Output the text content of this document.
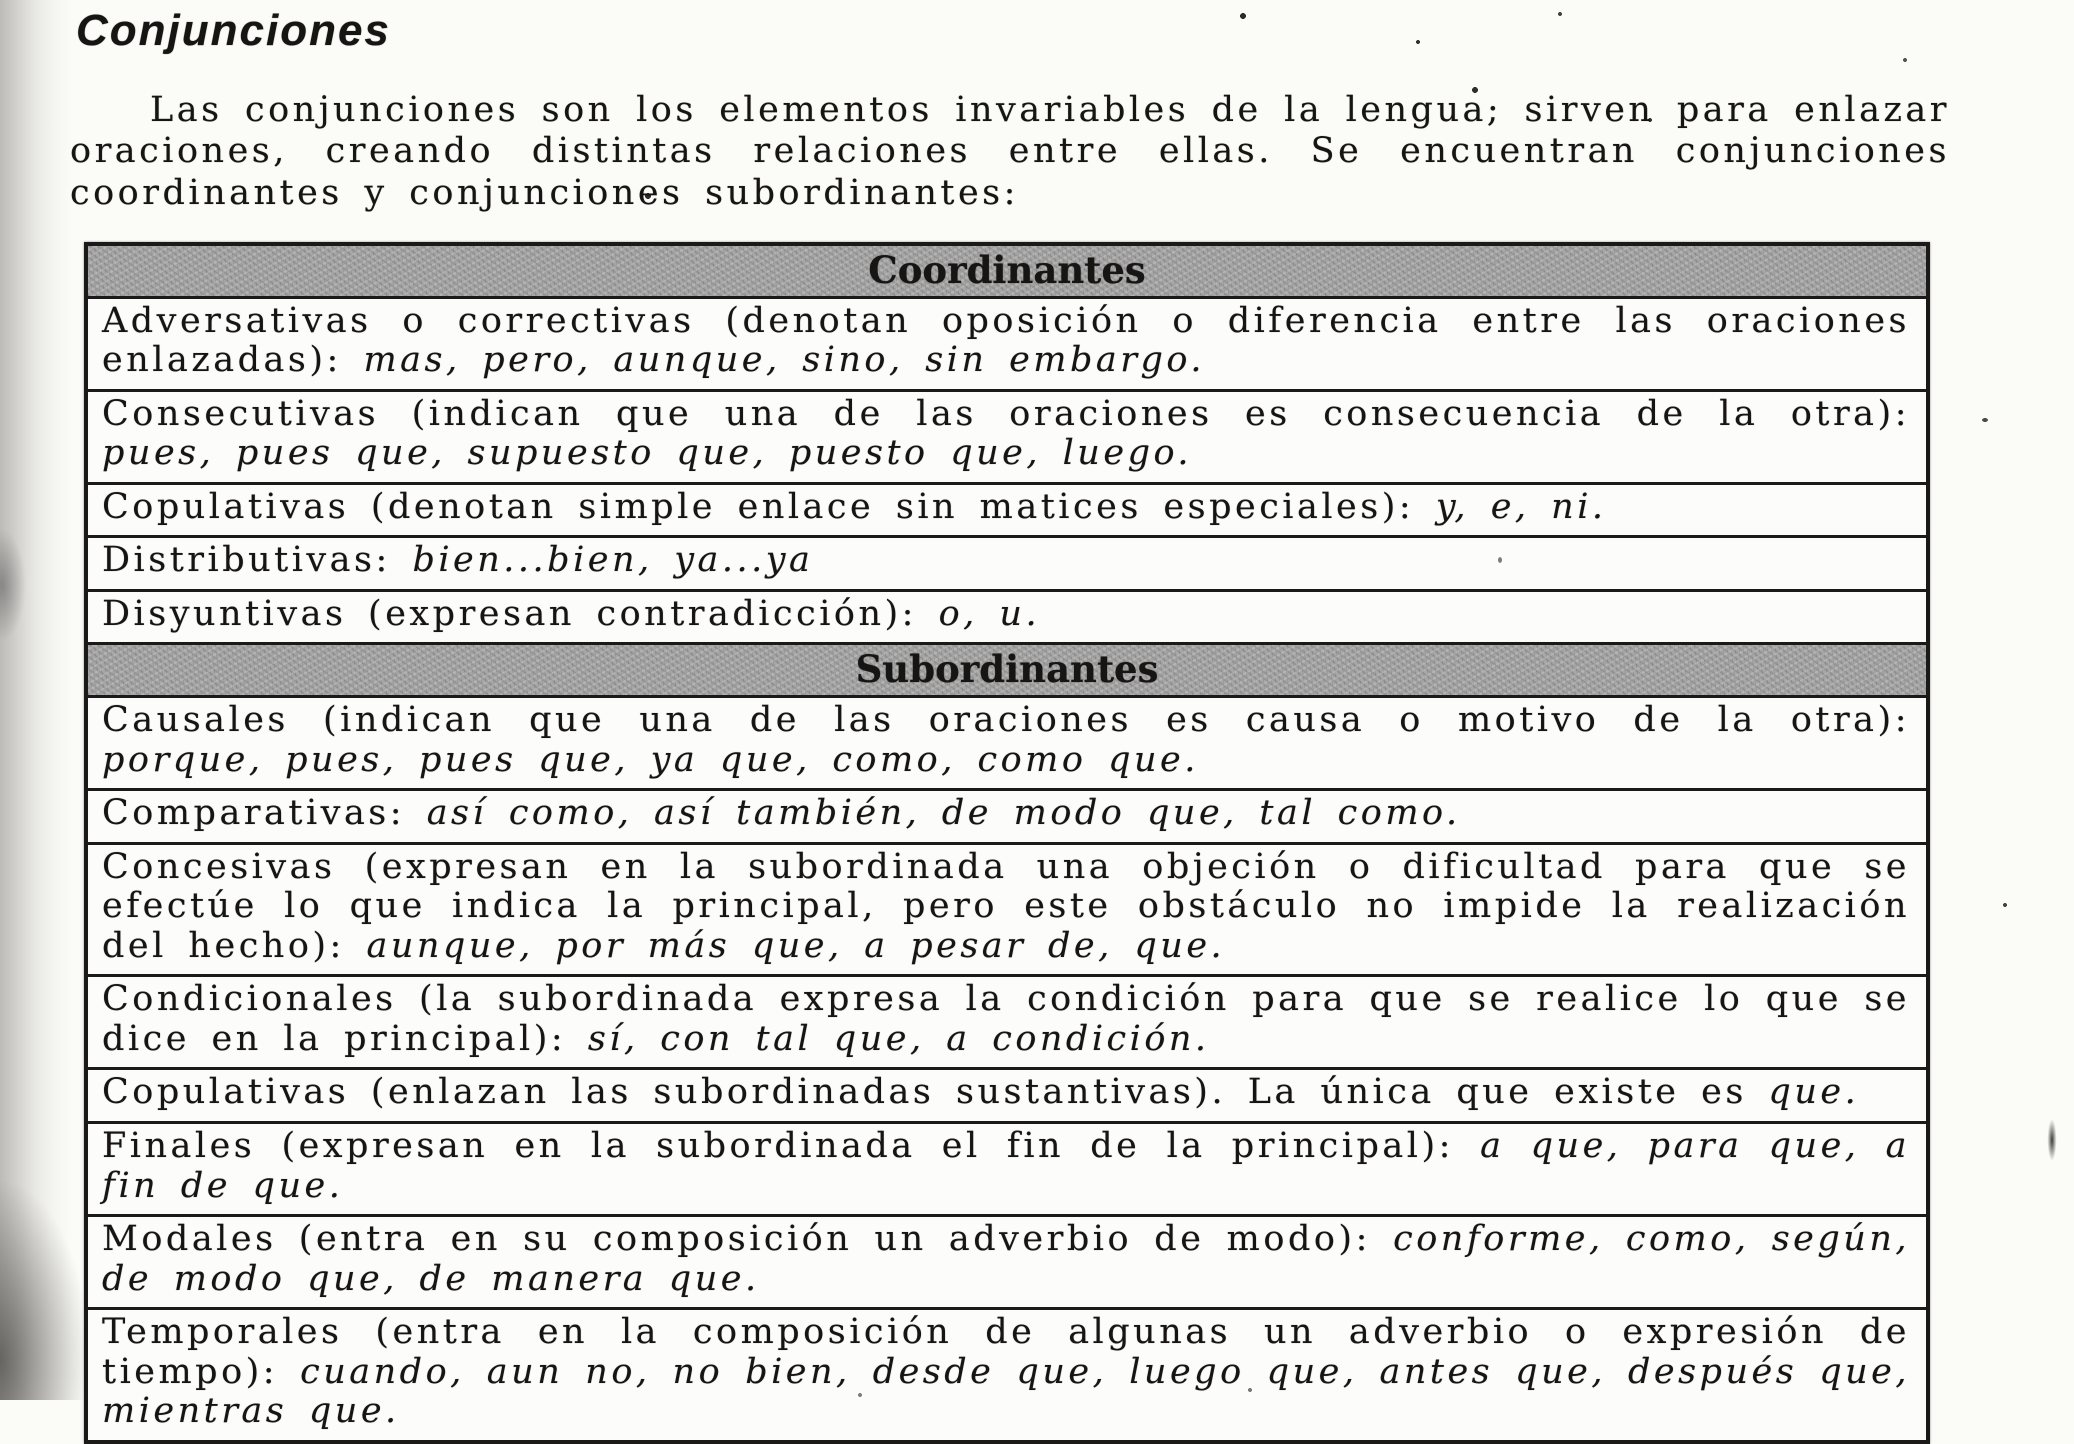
Conjunciones

Las conjunciones son los elementos invariables de la lengua; sirven para enlazar oraciones, creando distintas relaciones entre ellas. Se encuentran conjunciones coordinantes y conjunciones subordinantes:

Coordinantes
Adversativas o correctivas (denotan oposición o diferencia entre las oraciones enlazadas): mas, pero, aunque, sino, sin embargo.
Consecutivas (indican que una de las oraciones es consecuencia de la otra): pues, pues que, supuesto que, puesto que, luego.
Copulativas (denotan simple enlace sin matices especiales): y, e, ni.
Distributivas: bien...bien, ya...ya
Disyuntivas (expresan contradicción): o, u.
Subordinantes
Causales (indican que una de las oraciones es causa o motivo de la otra): porque, pues, pues que, ya que, como, como que.
Comparativas: así como, así también, de modo que, tal como.
Concesivas (expresan en la subordinada una objeción o dificultad para que se efectúe lo que indica la principal, pero este obstáculo no impide la realización del hecho): aunque, por más que, a pesar de, que.
Condicionales (la subordinada expresa la condición para que se realice lo que se dice en la principal): sí, con tal que, a condición.
Copulativas (enlazan las subordinadas sustantivas). La única que existe es que.
Finales (expresan en la subordinada el fin de la principal): a que, para que, a fin de que.
Modales (entra en su composición un adverbio de modo): conforme, como, según, de modo que, de manera que.
Temporales (entra en la composición de algunas un adverbio o expresión de tiempo): cuando, aun no, no bien, desde que, luego que, antes que, después que, mientras que.
